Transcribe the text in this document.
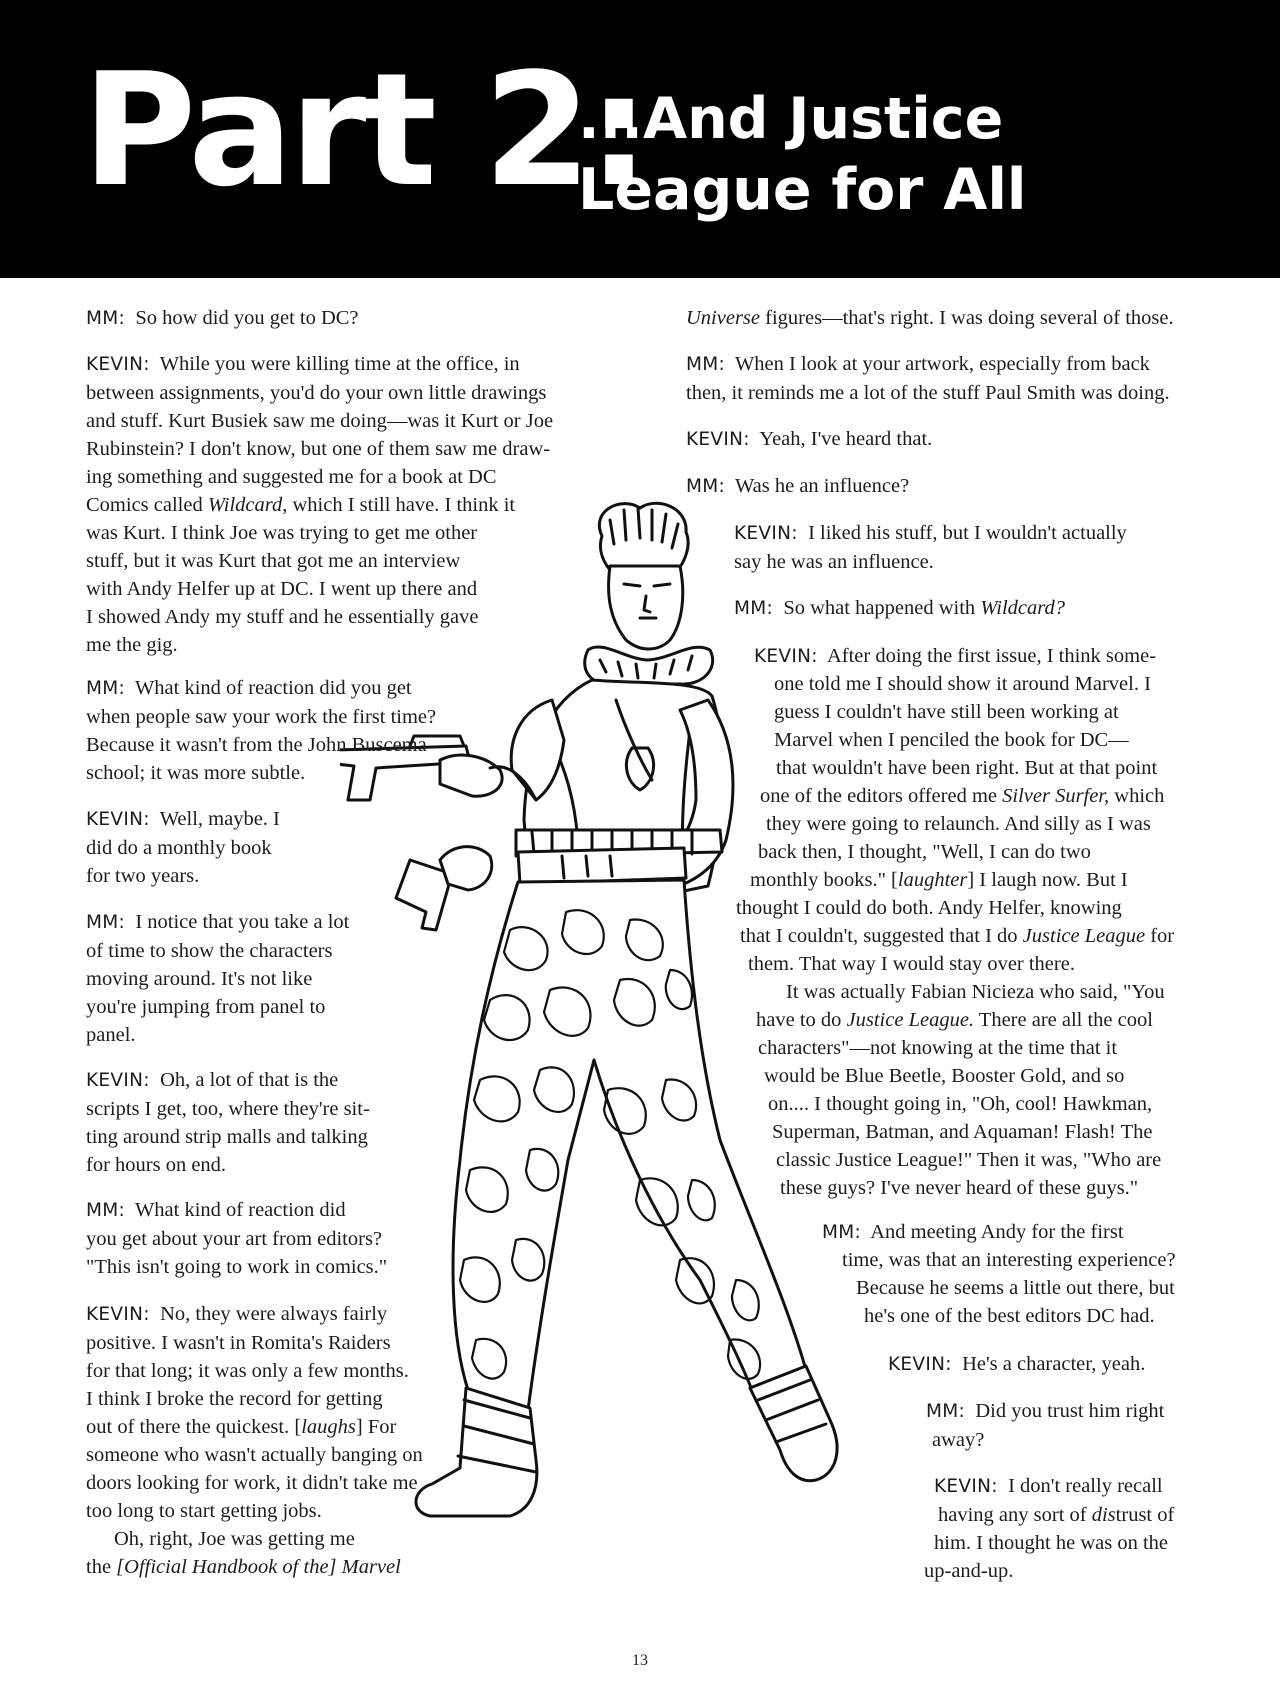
Part 2:
...And Justice
League for All

MM: So how did you get to DC?

KEVIN: While you were killing time at the office, in
between assignments, you'd do your own little drawings
and stuff. Kurt Busiek saw me doing—was it Kurt or Joe
Rubinstein? I don't know, but one of them saw me draw-
ing something and suggested me for a book at DC
Comics called Wildcard, which I still have. I think it
was Kurt. I think Joe was trying to get me other
stuff, but it was Kurt that got me an interview
with Andy Helfer up at DC. I went up there and
I showed Andy my stuff and he essentially gave
me the gig.

MM: What kind of reaction did you get
when people saw your work the first time?
Because it wasn't from the John Buscema
school; it was more subtle.

KEVIN: Well, maybe. I
did do a monthly book
for two years.

MM: I notice that you take a lot
of time to show the characters
moving around. It's not like
you're jumping from panel to
panel.

KEVIN: Oh, a lot of that is the
scripts I get, too, where they're sit-
ting around strip malls and talking
for hours on end.

MM: What kind of reaction did
you get about your art from editors?
"This isn't going to work in comics."

KEVIN: No, they were always fairly
positive. I wasn't in Romita's Raiders
for that long; it was only a few months.
I think I broke the record for getting
out of there the quickest. [laughs] For
someone who wasn't actually banging on
doors looking for work, it didn't take me
too long to start getting jobs.
Oh, right, Joe was getting me
the [Official Handbook of the] Marvel

Universe figures—that's right. I was doing several of those.

MM: When I look at your artwork, especially from back
then, it reminds me a lot of the stuff Paul Smith was doing.

KEVIN: Yeah, I've heard that.

MM: Was he an influence?

KEVIN: I liked his stuff, but I wouldn't actually
say he was an influence.

MM: So what happened with Wildcard?

KEVIN: After doing the first issue, I think some-
one told me I should show it around Marvel. I
guess I couldn't have still been working at
Marvel when I penciled the book for DC—
that wouldn't have been right. But at that point
one of the editors offered me Silver Surfer, which
they were going to relaunch. And silly as I was
back then, I thought, "Well, I can do two
monthly books." [laughter] I laugh now. But I
thought I could do both. Andy Helfer, knowing
that I couldn't, suggested that I do Justice League for
them. That way I would stay over there.
It was actually Fabian Nicieza who said, "You
have to do Justice League. There are all the cool
characters"—not knowing at the time that it
would be Blue Beetle, Booster Gold, and so
on.... I thought going in, "Oh, cool! Hawkman,
Superman, Batman, and Aquaman! Flash! The
classic Justice League!" Then it was, "Who are
these guys? I've never heard of these guys."

MM: And meeting Andy for the first
time, was that an interesting experience?
Because he seems a little out there, but
he's one of the best editors DC had.

KEVIN: He's a character, yeah.

MM: Did you trust him right
away?

KEVIN: I don't really recall
having any sort of distrust of
him. I thought he was on the
up-and-up.

13
